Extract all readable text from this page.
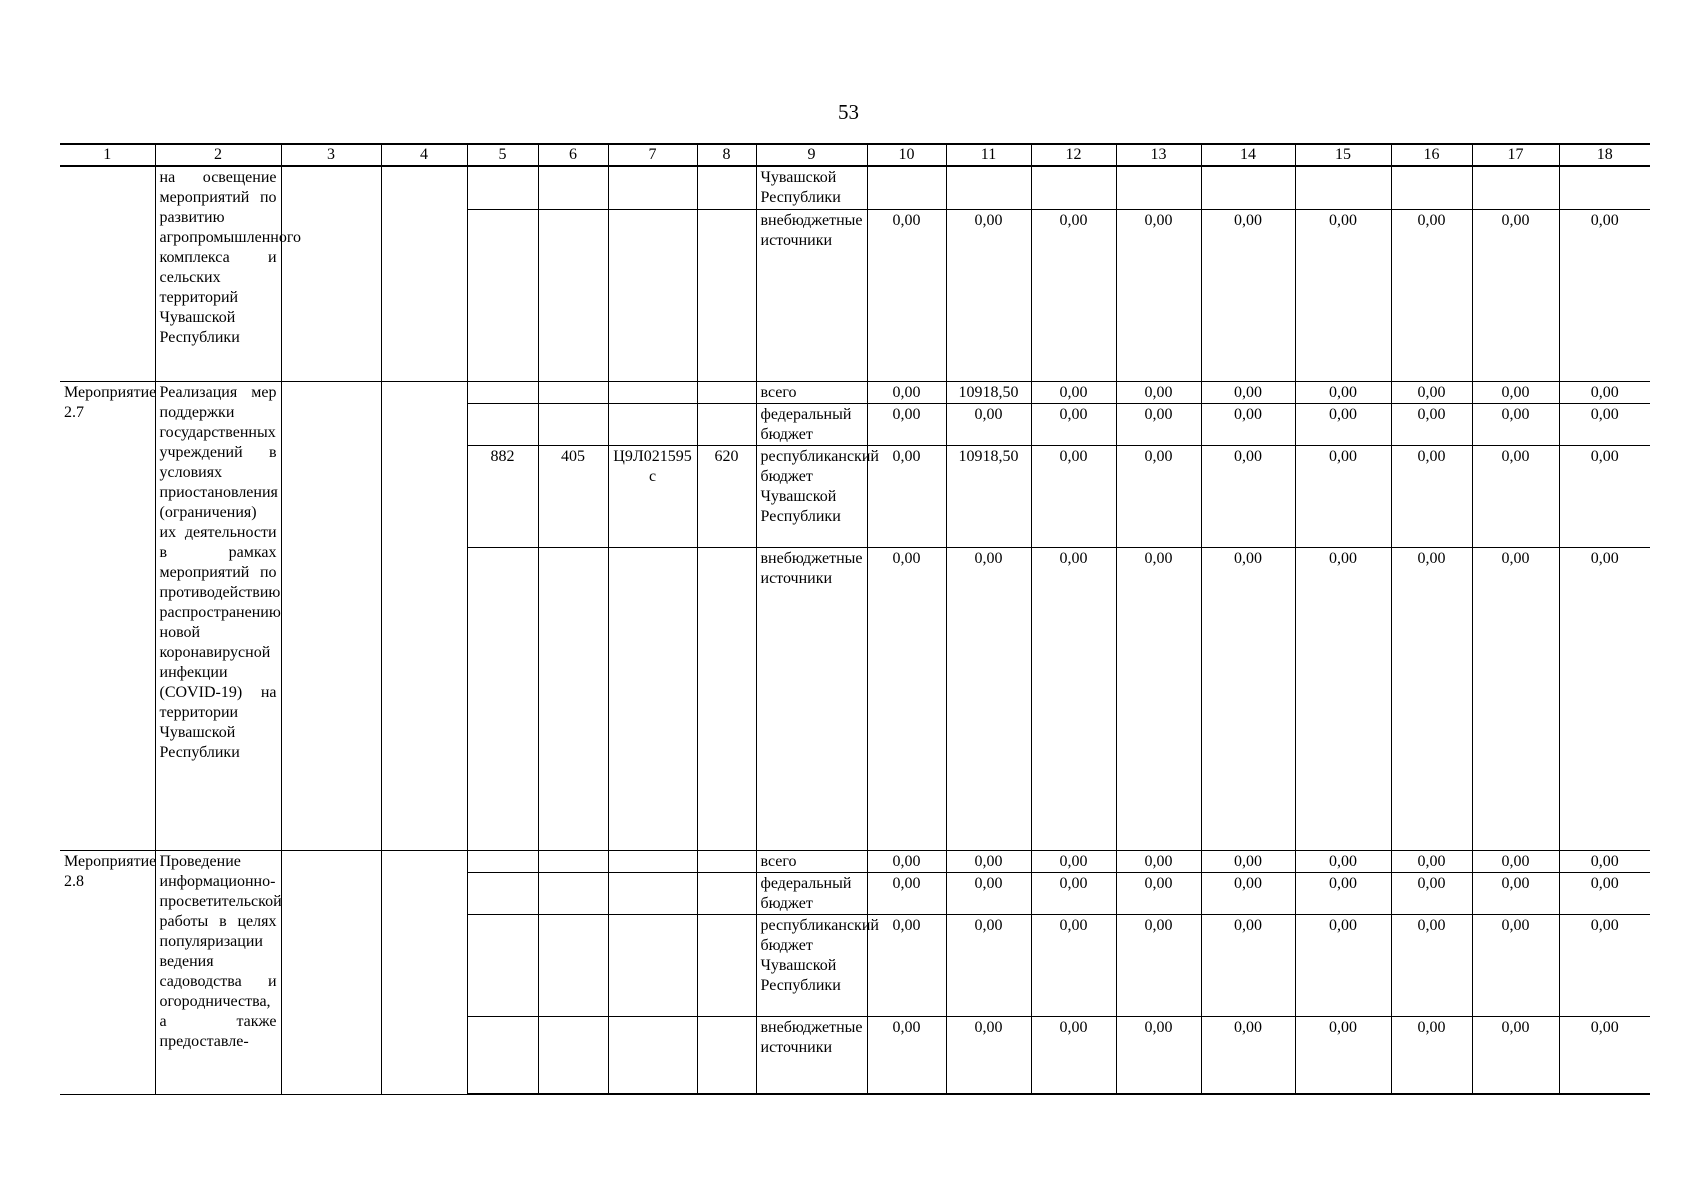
53
1	2	3	4	5	6	7	8	9	10	11	12	13	14	15	16	17	18
	на освещение мероприятий по развитию агропромышленного комплекса и сельских территорий Чувашской Республики							Чувашской Республики									
								внебюджетные источники	0,00	0,00	0,00	0,00	0,00	0,00	0,00	0,00	0,00
Мероприятие 2.7	Реализация мер поддержки государственных учреждений в условиях приостановления (ограничения) их деятельности в рамках мероприятий по противодействию распространению новой коронавирусной инфекции (COVID-19) на территории Чувашской Республики							всего	0,00	10918,50	0,00	0,00	0,00	0,00	0,00	0,00	0,00
								федеральный бюджет	0,00	0,00	0,00	0,00	0,00	0,00	0,00	0,00	0,00
				882	405	Ц9Л021595с	620	республиканский бюджет Чувашской Республики	0,00	10918,50	0,00	0,00	0,00	0,00	0,00	0,00	0,00
								внебюджетные источники	0,00	0,00	0,00	0,00	0,00	0,00	0,00	0,00	0,00
Мероприятие 2.8	Проведение информационно-просветительской работы в целях популяризации ведения садоводства и огородничества, а также предоставле-							всего	0,00	0,00	0,00	0,00	0,00	0,00	0,00	0,00	0,00
								федеральный бюджет	0,00	0,00	0,00	0,00	0,00	0,00	0,00	0,00	0,00
								республиканский бюджет Чувашской Республики	0,00	0,00	0,00	0,00	0,00	0,00	0,00	0,00	0,00
								внебюджетные источники	0,00	0,00	0,00	0,00	0,00	0,00	0,00	0,00	0,00
